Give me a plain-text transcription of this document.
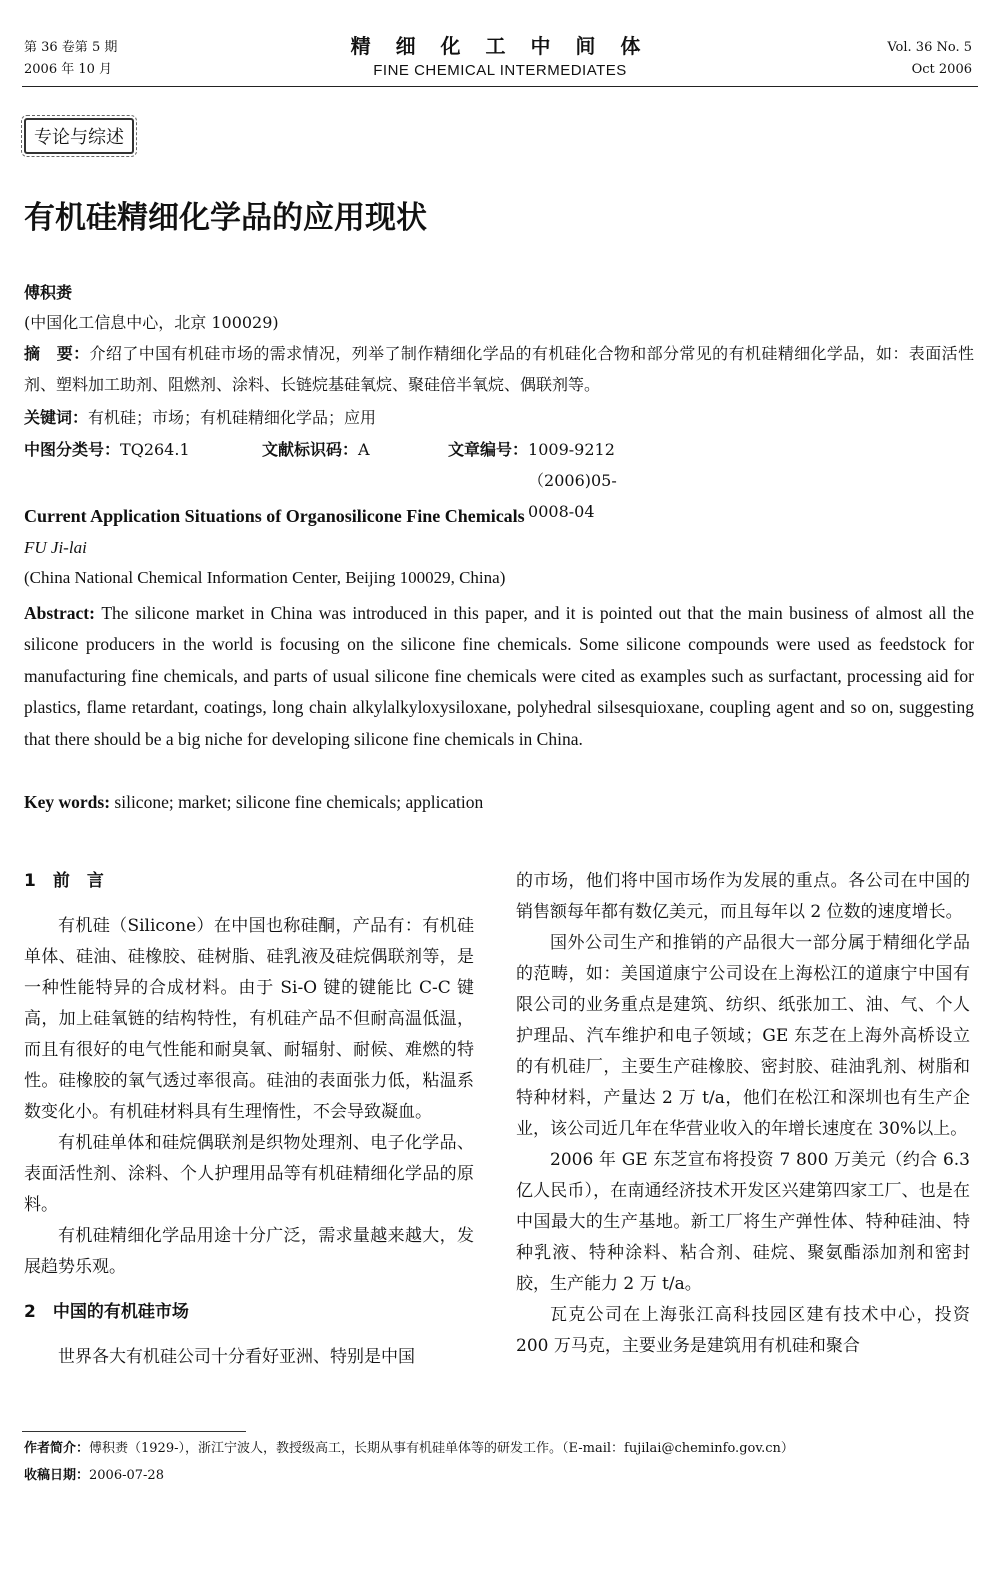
第 36 卷第 5 期
2006 年 10 月
精 细 化 工 中 间 体
FINE CHEMICAL INTERMEDIATES
Vol. 36 No. 5
Oct 2006
专论与综述
有机硅精细化学品的应用现状
傅积赉
(中国化工信息中心，北京 100029)
摘　要：介绍了中国有机硅市场的需求情况，列举了制作精细化学品的有机硅化合物和部分常见的有机硅精细化学品，如：表面活性剂、塑料加工助剂、阻燃剂、涂料、长链烷基硅氧烷、聚硅倍半氧烷、偶联剂等。
关键词：有机硅；市场；有机硅精细化学品；应用
中图分类号： TQ264.1	文献标识码： A	文章编号： 1009-9212（2006)05-0008-04
Current Application Situations of Organosilicone Fine Chemicals
FU Ji-lai
(China National Chemical Information Center, Beijing 100029, China)
Abstract: The silicone market in China was introduced in this paper, and it is pointed out that the main business of almost all the silicone producers in the world is focusing on the silicone fine chemicals. Some silicone compounds were used as feedstock for manufacturing fine chemicals, and parts of usual silicone fine chemicals were cited as examples such as surfactant, processing aid for plastics, flame retardant, coatings, long chain alkylalkyloxysiloxane, polyhedral silsesquioxane, coupling agent and so on, suggesting that there should be a big niche for developing silicone fine chemicals in China.
Key words: silicone; market; silicone fine chemicals; application

1　前　言

有机硅（Silicone）在中国也称硅酮，产品有：有机硅单体、硅油、硅橡胶、硅树脂、硅乳液及硅烷偶联剂等，是一种性能特异的合成材料。由于 Si-O 键的键能比 C-C 键高，加上硅氧链的结构特性，有机硅产品不但耐高温低温，而且有很好的电气性能和耐臭氧、耐辐射、耐候、难燃的特性。硅橡胶的氧气透过率很高。硅油的表面张力低，粘温系数变化小。有机硅材料具有生理惰性，不会导致凝血。

有机硅单体和硅烷偶联剂是织物处理剂、电子化学品、表面活性剂、涂料、个人护理用品等有机硅精细化学品的原料。

有机硅精细化学品用途十分广泛，需求量越来越大，发展趋势乐观。

2　中国的有机硅市场

世界各大有机硅公司十分看好亚洲、特别是中国

的市场，他们将中国市场作为发展的重点。各公司在中国的销售额每年都有数亿美元，而且每年以 2 位数的速度增长。

国外公司生产和推销的产品很大一部分属于精细化学品的范畴，如：美国道康宁公司设在上海松江的道康宁中国有限公司的业务重点是建筑、纺织、纸张加工、油、气、个人护理品、汽车维护和电子领域；GE 东芝在上海外高桥设立的有机硅厂，主要生产硅橡胶、密封胶、硅油乳剂、树脂和特种材料，产量达 2 万 t/a，他们在松江和深圳也有生产企业，该公司近几年在华营业收入的年增长速度在 30%以上。

2006 年 GE 东芝宣布将投资 7 800 万美元（约合 6.3 亿人民币），在南通经济技术开发区兴建第四家工厂、也是在中国最大的生产基地。新工厂将生产弹性体、特种硅油、特种乳液、特种涂料、粘合剂、硅烷、聚氨酯添加剂和密封胶，生产能力 2 万 t/a。

瓦克公司在上海张江高科技园区建有技术中心，投资 200 万马克，主要业务是建筑用有机硅和聚合

作者简介：傅积赉（1929-），浙江宁波人，教授级高工，长期从事有机硅单体等的研发工作。（E-mail：fujilai@cheminfo.gov.cn）
收稿日期：2006-07-28
